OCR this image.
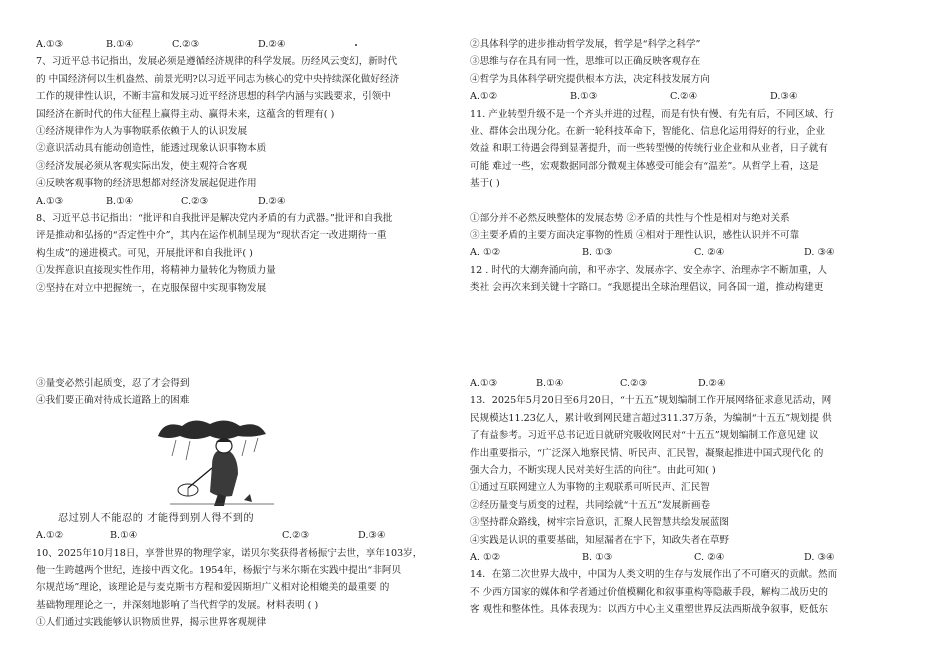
A.①③	B.①④	C.②③	D.②④
7、习近平总书记指出，发展必须是遵循经济规律的科学发展。历经风云变幻，新时代
的 中国经济何以生机盎然、前景光明?以习近平同志为核心的党中央持续深化做好经济
工作的规律性认识，不断丰富和发展习近平经济思想的科学内涵与实践要求，引领中
国经济在新时代的伟大征程上赢得主动、赢得未来，这蕴含的哲理有( )
①经济规律作为人为事物联系依赖于人的认识发展
②意识活动具有能动创造性，能透过现象认识事物本质
③经济发展必须从客观实际出发，使主观符合客观
④反映客观事物的经济思想都对经济发展起促进作用
A.①③	B.①④	C.②③	D.②④
8、习近平总书记指出：“批评和自我批评是解决党内矛盾的有力武器。”批评和自我批
评是推动和弘扬的“否定性中介”，其内在运作机制呈现为“现状否定一改进期待一重
构生成”的递进模式。可见，开展批评和自我批评( )
①发挥意识直接现实性作用，将精神力量转化为物质力量
②坚持在对立中把握统一，在克服保留中实现事物发展
②具体科学的进步推动哲学发展，哲学是“科学之科学”
③思维与存在具有同一性，思维可以正确反映客观存在
④哲学为具体科学研究提供根本方法，决定科技发展方向
A.①②	B.①③	C.②④	D.③④
11. 产业转型升级不是一个齐头并进的过程，而是有快有慢、有先有后，不同区域、行
业、群体会出现分化。在新一轮科技革命下，智能化、信息化运用得好的行业，企业
效益 和职工待遇会得到显著提升，而一些转型慢的传统行业企业和从业者，日子就有
可能 难过一些，宏观数据同部分微观主体感受可能会有“温差”。从哲学上看，这是
基于( )
①部分并不必然反映整体的发展态势 ②矛盾的共性与个性是相对与绝对关系
③主要矛盾的主要方面决定事物的性质 ④相对于理性认识，感性认识并不可靠
A. ①②	B. ①③	C. ②④	D. ③④
12 . 时代的大潮奔涌向前，和平赤字、发展赤字、安全赤字、治理赤字不断加重，人
类社 会再次来到关键十字路口。“我愿提出全球治理倡议，同各国一道，推动构建更
③量变必然引起质变，忍了才会得到
④我们要正确对待成长道路上的困难
忍过别人不能忍的 才能得到别人得不到的
A.①②	B.①④	C.②③	D.③④
10、2025年10月18日，享誉世界的物理学家，诺贝尔奖获得者杨振宁去世，享年103岁，
他一生跨越两个世纪，连接中西文化。1954年，杨振宁与米尔斯在实践中提出“非阿贝
尔规范场”理论，该理论是与麦克斯韦方程和爱因斯坦广义相对论相媲美的最重要 的
基础物理理论之一，并深刻地影响了当代哲学的发展。材料表明 ( )
①人们通过实践能够认识物质世界，揭示世界客观规律
A.①③	B.①④	C.②③	D.②④
13．2025年5月20日至6月20日，“十五五”规划编制工作开展网络征求意见活动，网
民规模达11.23亿人，累计收到网民建言超过311.37万条，为编制“十五五”规划提 供
了有益参考。习近平总书记近日就研究吸收网民对“十五五”规划编制工作意见建 议
作出重要指示，“广泛深入地察民情、听民声、汇民智，凝聚起推进中国式现代化 的
强大合力，不断实现人民对美好生活的向往”。由此可知( )
①通过互联网建立人为事物的主观联系可听民声、汇民智
②经历量变与质变的过程，共同绘就“十五五”发展新画卷
③坚持群众路线，树牢宗旨意识，汇聚人民智慧共绘发展蓝图
④实践是认识的重要基础，知屋漏者在宇下，知政失者在草野
A. ①②	B. ①③	C. ②④	D. ③④
14．在第二次世界大战中，中国为人类文明的生存与发展作出了不可磨灭的贡献。然而
不 少西方国家的媒体和学者通过价值模糊化和叙事重构等隐蔽手段，解构二战历史的
客 观性和整体性。具体表现为：以西方中心主义重塑世界反法西斯战争叙事，贬低东
